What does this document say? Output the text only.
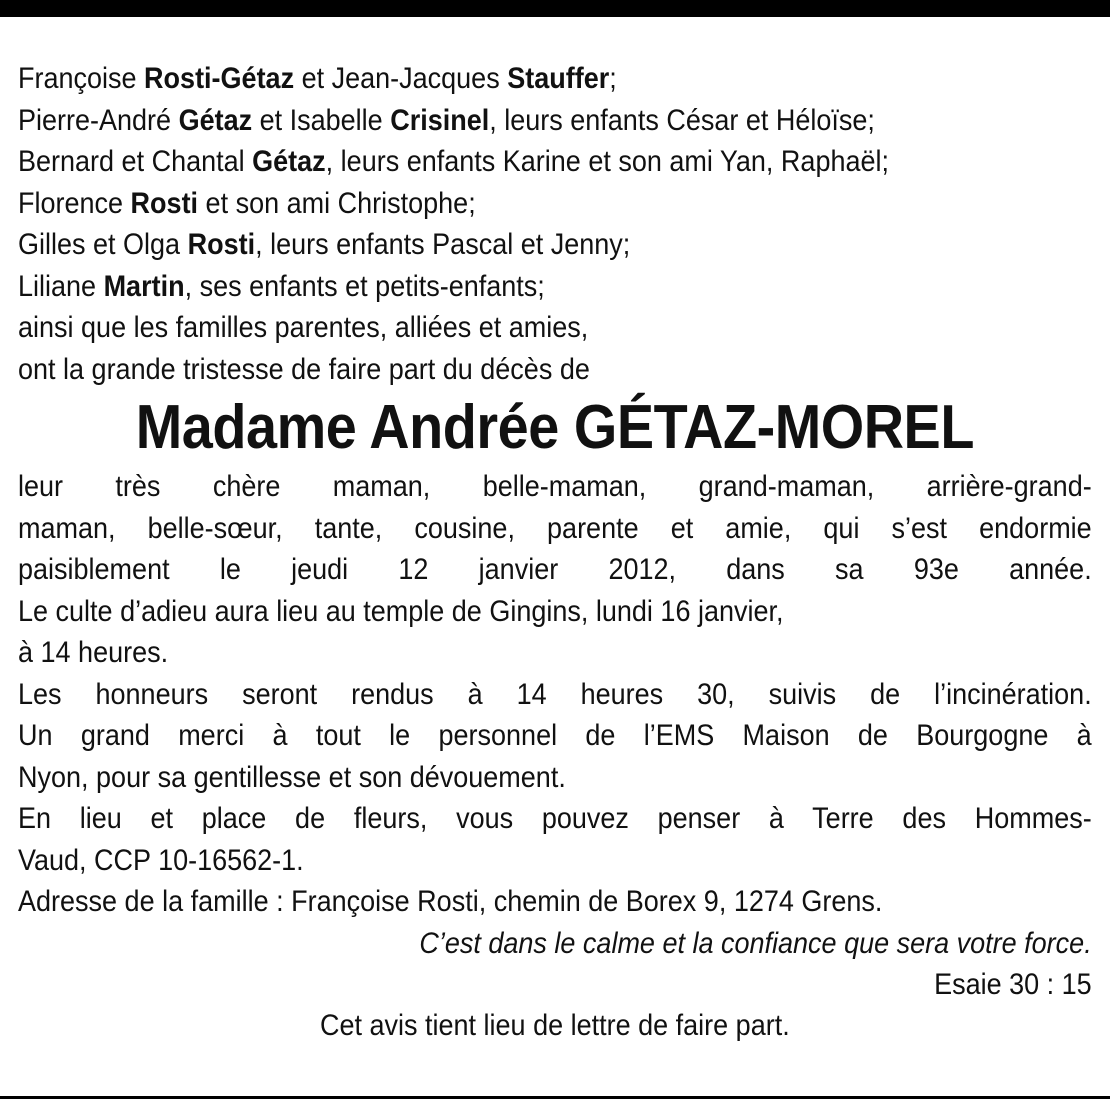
Françoise Rosti-Gétaz et Jean-Jacques Stauffer;
Pierre-André Gétaz et Isabelle Crisinel, leurs enfants César et Héloïse;
Bernard et Chantal Gétaz, leurs enfants Karine et son ami Yan, Raphaël;
Florence Rosti et son ami Christophe;
Gilles et Olga Rosti, leurs enfants Pascal et Jenny;
Liliane Martin, ses enfants et petits-enfants;
ainsi que les familles parentes, alliées et amies,
ont la grande tristesse de faire part du décès de
Madame Andrée GÉTAZ-MOREL
leur très chère maman, belle-maman, grand-maman, arrière-grand-
maman, belle-sœur, tante, cousine, parente et amie, qui s’est endormie
paisiblement le jeudi 12 janvier 2012, dans sa 93e année.
Le culte d’adieu aura lieu au temple de Gingins, lundi 16 janvier,
à 14 heures.
Les honneurs seront rendus à 14 heures 30, suivis de l’incinération.
Un grand merci à tout le personnel de l’EMS Maison de Bourgogne à
Nyon, pour sa gentillesse et son dévouement.
En lieu et place de fleurs, vous pouvez penser à Terre des Hommes-
Vaud, CCP 10-16562-1.
Adresse de la famille : Françoise Rosti, chemin de Borex 9, 1274 Grens.
C’est dans le calme et la confiance que sera votre force.
Esaie 30 : 15
Cet avis tient lieu de lettre de faire part.
